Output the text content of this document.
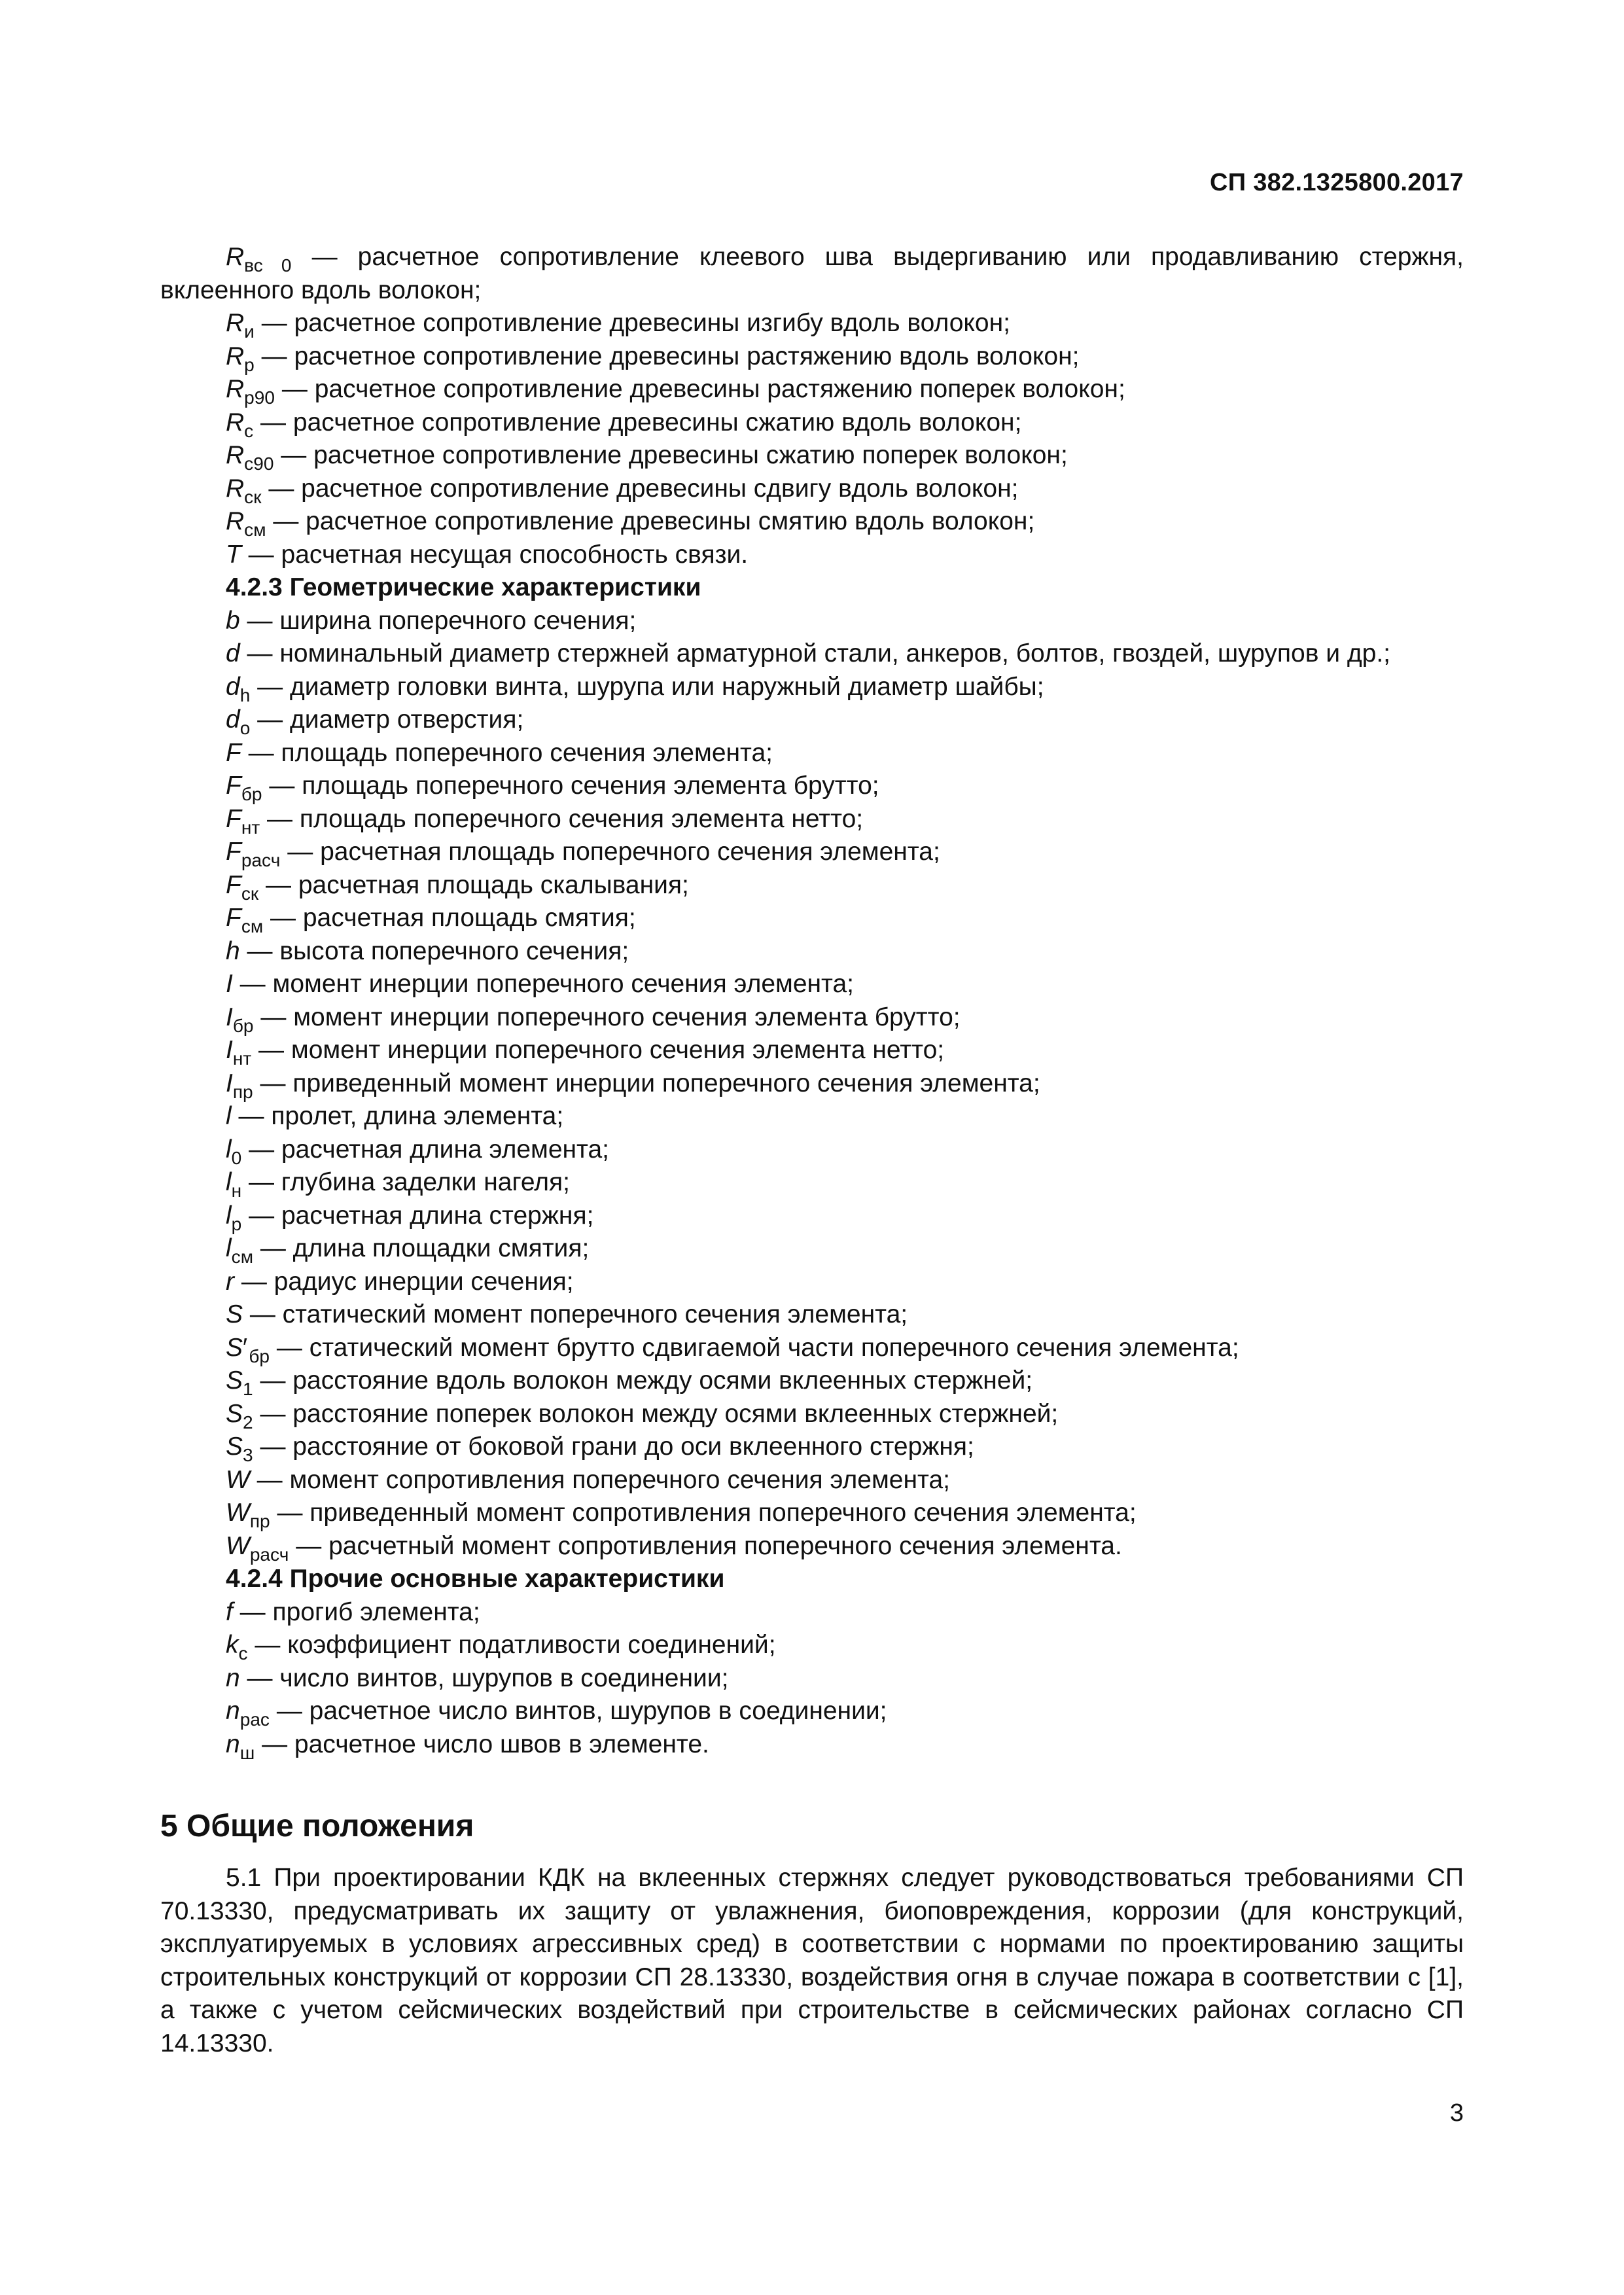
СП 382.1325800.2017

$R_{вс 0}$ — расчетное сопротивление клеевого шва выдергиванию или продавливанию стержня, вклеенного вдоль волокон;

$R_и$ — расчетное сопротивление древесины изгибу вдоль волокон;

$R_р$ — расчетное сопротивление древесины растяжению вдоль волокон;

$R_{р90}$ — расчетное сопротивление древесины растяжению поперек волокон;

$R_с$ — расчетное сопротивление древесины сжатию вдоль волокон;

$R_{с90}$ — расчетное сопротивление древесины сжатию поперек волокон;

$R_{ск}$ — расчетное сопротивление древесины сдвигу вдоль волокон;

$R_{см}$ — расчетное сопротивление древесины смятию вдоль волокон;

T — расчетная несущая способность связи.

4.2.3 Геометрические характеристики

b — ширина поперечного сечения;

d — номинальный диаметр стержней арматурной стали, анкеров, болтов, гвоздей, шурупов и др.;

$d_h$ — диаметр головки винта, шурупа или наружный диаметр шайбы;

$d_о$ — диаметр отверстия;

F — площадь поперечного сечения элемента;

$F_{бр}$ — площадь поперечного сечения элемента брутто;

$F_{нт}$ — площадь поперечного сечения элемента нетто;

$F_{расч}$ — расчетная площадь поперечного сечения элемента;

$F_{ск}$ — расчетная площадь скалывания;

$F_{см}$ — расчетная площадь смятия;

h — высота поперечного сечения;

I — момент инерции поперечного сечения элемента;

$I_{бр}$ — момент инерции поперечного сечения элемента брутто;

$I_{нт}$ — момент инерции поперечного сечения элемента нетто;

$I_{пр}$ — приведенный момент инерции поперечного сечения элемента;

l — пролет, длина элемента;

$l_0$ — расчетная длина элемента;

$l_н$ — глубина заделки нагеля;

$l_р$ — расчетная длина стержня;

$l_{см}$ — длина площадки смятия;

r — радиус инерции сечения;

S — статический момент поперечного сечения элемента;

S′ $_{бр}$ — статический момент брутто сдвигаемой части поперечного сечения элемента;

$S_1$ — расстояние вдоль волокон между осями вклеенных стержней;

$S_2$ — расстояние поперек волокон между осями вклеенных стержней;

$S_3$ — расстояние от боковой грани до оси вклеенного стержня;

W — момент сопротивления поперечного сечения элемента;

$W_{пр}$ — приведенный момент сопротивления поперечного сечения элемента;

$W_{расч}$ — расчетный момент сопротивления поперечного сечения элемента.

4.2.4 Прочие основные характеристики

f — прогиб элемента;

$k_с$ — коэффициент податливости соединений;

n — число винтов, шурупов в соединении;

$n_{рас}$ — расчетное число винтов, шурупов в соединении;

$n_ш$ — расчетное число швов в элементе.

5 Общие положения

5.1 При проектировании КДК на вклеенных стержнях следует руководствоваться требованиями СП 70.13330, предусматривать их защиту от увлажнения, биоповреждения, коррозии (для конструкций, эксплуатируемых в условиях агрессивных сред) в соответствии с нормами по проектированию защиты строительных конструкций от коррозии СП 28.13330, воздействия огня в случае пожара в соответствии с [1], а также с учетом сейсмических воздействий при строительстве в сейсмических районах согласно СП 14.13330.

3
